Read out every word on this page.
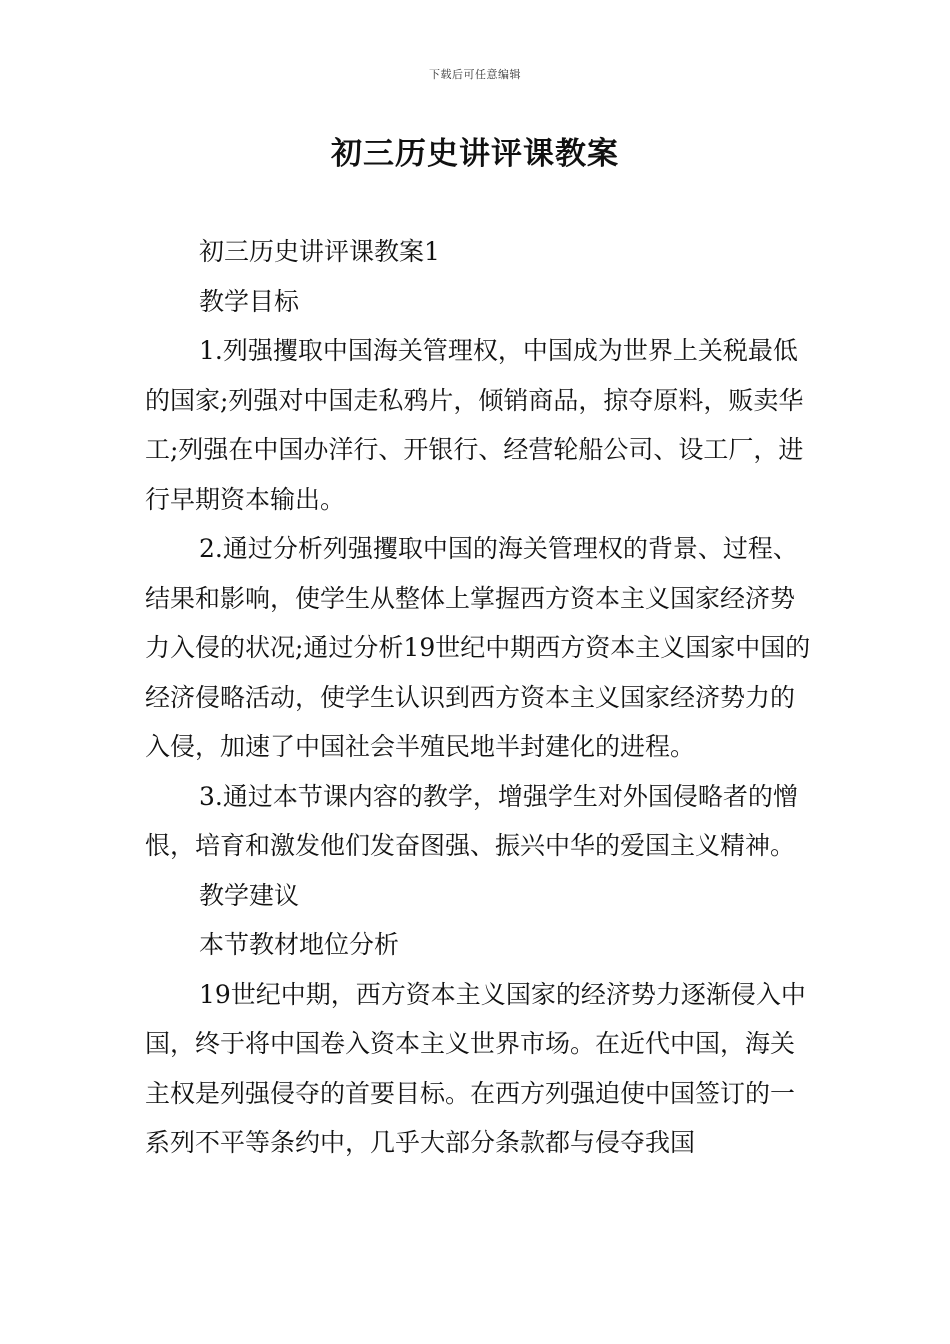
下载后可任意编辑
初三历史讲评课教案

初三历史讲评课教案1

教学目标

1.列强攫取中国海关管理权，中国成为世界上关税最低的国家;列强对中国走私鸦片，倾销商品，掠夺原料，贩卖华工;列强在中国办洋行、开银行、经营轮船公司、设工厂，进行早期资本输出。

2.通过分析列强攫取中国的海关管理权的背景、过程、结果和影响，使学生从整体上掌握西方资本主义国家经济势力入侵的状况;通过分析19世纪中期西方资本主义国家中国的经济侵略活动，使学生认识到西方资本主义国家经济势力的入侵，加速了中国社会半殖民地半封建化的进程。

3.通过本节课内容的教学，增强学生对外国侵略者的憎恨，培育和激发他们发奋图强、振兴中华的爱国主义精神。

教学建议

本节教材地位分析

19世纪中期，西方资本主义国家的经济势力逐渐侵入中国，终于将中国卷入资本主义世界市场。在近代中国，海关主权是列强侵夺的首要目标。在西方列强迫使中国签订的一系列不平等条约中，几乎大部分条款都与侵夺我国
